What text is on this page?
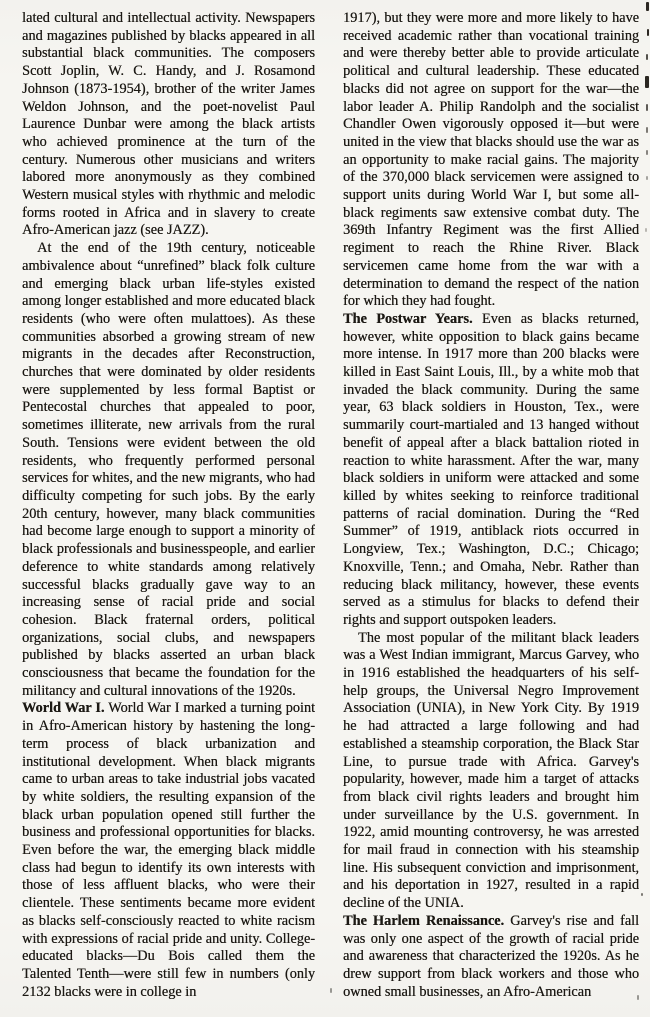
lated cultural and intellectual activity. Newspapers and magazines published by blacks appeared in all substantial black communities. The composers Scott Joplin, W. C. Handy, and J. Rosamond Johnson (1873-1954), brother of the writer James Weldon Johnson, and the poet-novelist Paul Laurence Dunbar were among the black artists who achieved prominence at the turn of the century. Numerous other musicians and writers labored more anonymously as they combined Western musical styles with rhythmic and melodic forms rooted in Africa and in slavery to create Afro-American jazz (see JAZZ).

At the end of the 19th century, noticeable ambivalence about “unrefined” black folk culture and emerging black urban life-styles existed among longer established and more educated black residents (who were often mulattoes). As these communities absorbed a growing stream of new migrants in the decades after Reconstruction, churches that were dominated by older residents were supplemented by less formal Baptist or Pentecostal churches that appealed to poor, sometimes illiterate, new arrivals from the rural South. Tensions were evident between the old residents, who frequently performed personal services for whites, and the new migrants, who had difficulty competing for such jobs. By the early 20th century, however, many black communities had become large enough to support a minority of black professionals and businesspeople, and earlier deference to white standards among relatively successful blacks gradually gave way to an increasing sense of racial pride and social cohesion. Black fraternal orders, political organizations, social clubs, and newspapers published by blacks asserted an urban black consciousness that became the foundation for the militancy and cultural innovations of the 1920s.

World War I. World War I marked a turning point in Afro-American history by hastening the long-term process of black urbanization and institutional development. When black migrants came to urban areas to take industrial jobs vacated by white soldiers, the resulting expansion of the black urban population opened still further the business and professional opportunities for blacks. Even before the war, the emerging black middle class had begun to identify its own interests with those of less affluent blacks, who were their clientele. These sentiments became more evident as blacks self-consciously reacted to white racism with expressions of racial pride and unity. College-educated blacks—Du Bois called them the Talented Tenth—were still few in numbers (only 2132 blacks were in college in

1917), but they were more and more likely to have received academic rather than vocational training and were thereby better able to provide articulate political and cultural leadership. These educated blacks did not agree on support for the war—the labor leader A. Philip Randolph and the socialist Chandler Owen vigorously opposed it—but were united in the view that blacks should use the war as an opportunity to make racial gains. The majority of the 370,000 black servicemen were assigned to support units during World War I, but some all-black regiments saw extensive combat duty. The 369th Infantry Regiment was the first Allied regiment to reach the Rhine River. Black servicemen came home from the war with a determination to demand the respect of the nation for which they had fought.

The Postwar Years. Even as blacks returned, however, white opposition to black gains became more intense. In 1917 more than 200 blacks were killed in East Saint Louis, Ill., by a white mob that invaded the black community. During the same year, 63 black soldiers in Houston, Tex., were summarily court-martialed and 13 hanged without benefit of appeal after a black battalion rioted in reaction to white harassment. After the war, many black soldiers in uniform were attacked and some killed by whites seeking to reinforce traditional patterns of racial domination. During the “Red Summer” of 1919, antiblack riots occurred in Longview, Tex.; Washington, D.C.; Chicago; Knoxville, Tenn.; and Omaha, Nebr. Rather than reducing black militancy, however, these events served as a stimulus for blacks to defend their rights and support outspoken leaders.

The most popular of the militant black leaders was a West Indian immigrant, Marcus Garvey, who in 1916 established the headquarters of his self-help groups, the Universal Negro Improvement Association (UNIA), in New York City. By 1919 he had attracted a large following and had established a steamship corporation, the Black Star Line, to pursue trade with Africa. Garvey's popularity, however, made him a target of attacks from black civil rights leaders and brought him under surveillance by the U.S. government. In 1922, amid mounting controversy, he was arrested for mail fraud in connection with his steamship line. His subsequent conviction and imprisonment, and his deportation in 1927, resulted in a rapid decline of the UNIA.

The Harlem Renaissance. Garvey's rise and fall was only one aspect of the growth of racial pride and awareness that characterized the 1920s. As he drew support from black workers and those who owned small businesses, an Afro-American
